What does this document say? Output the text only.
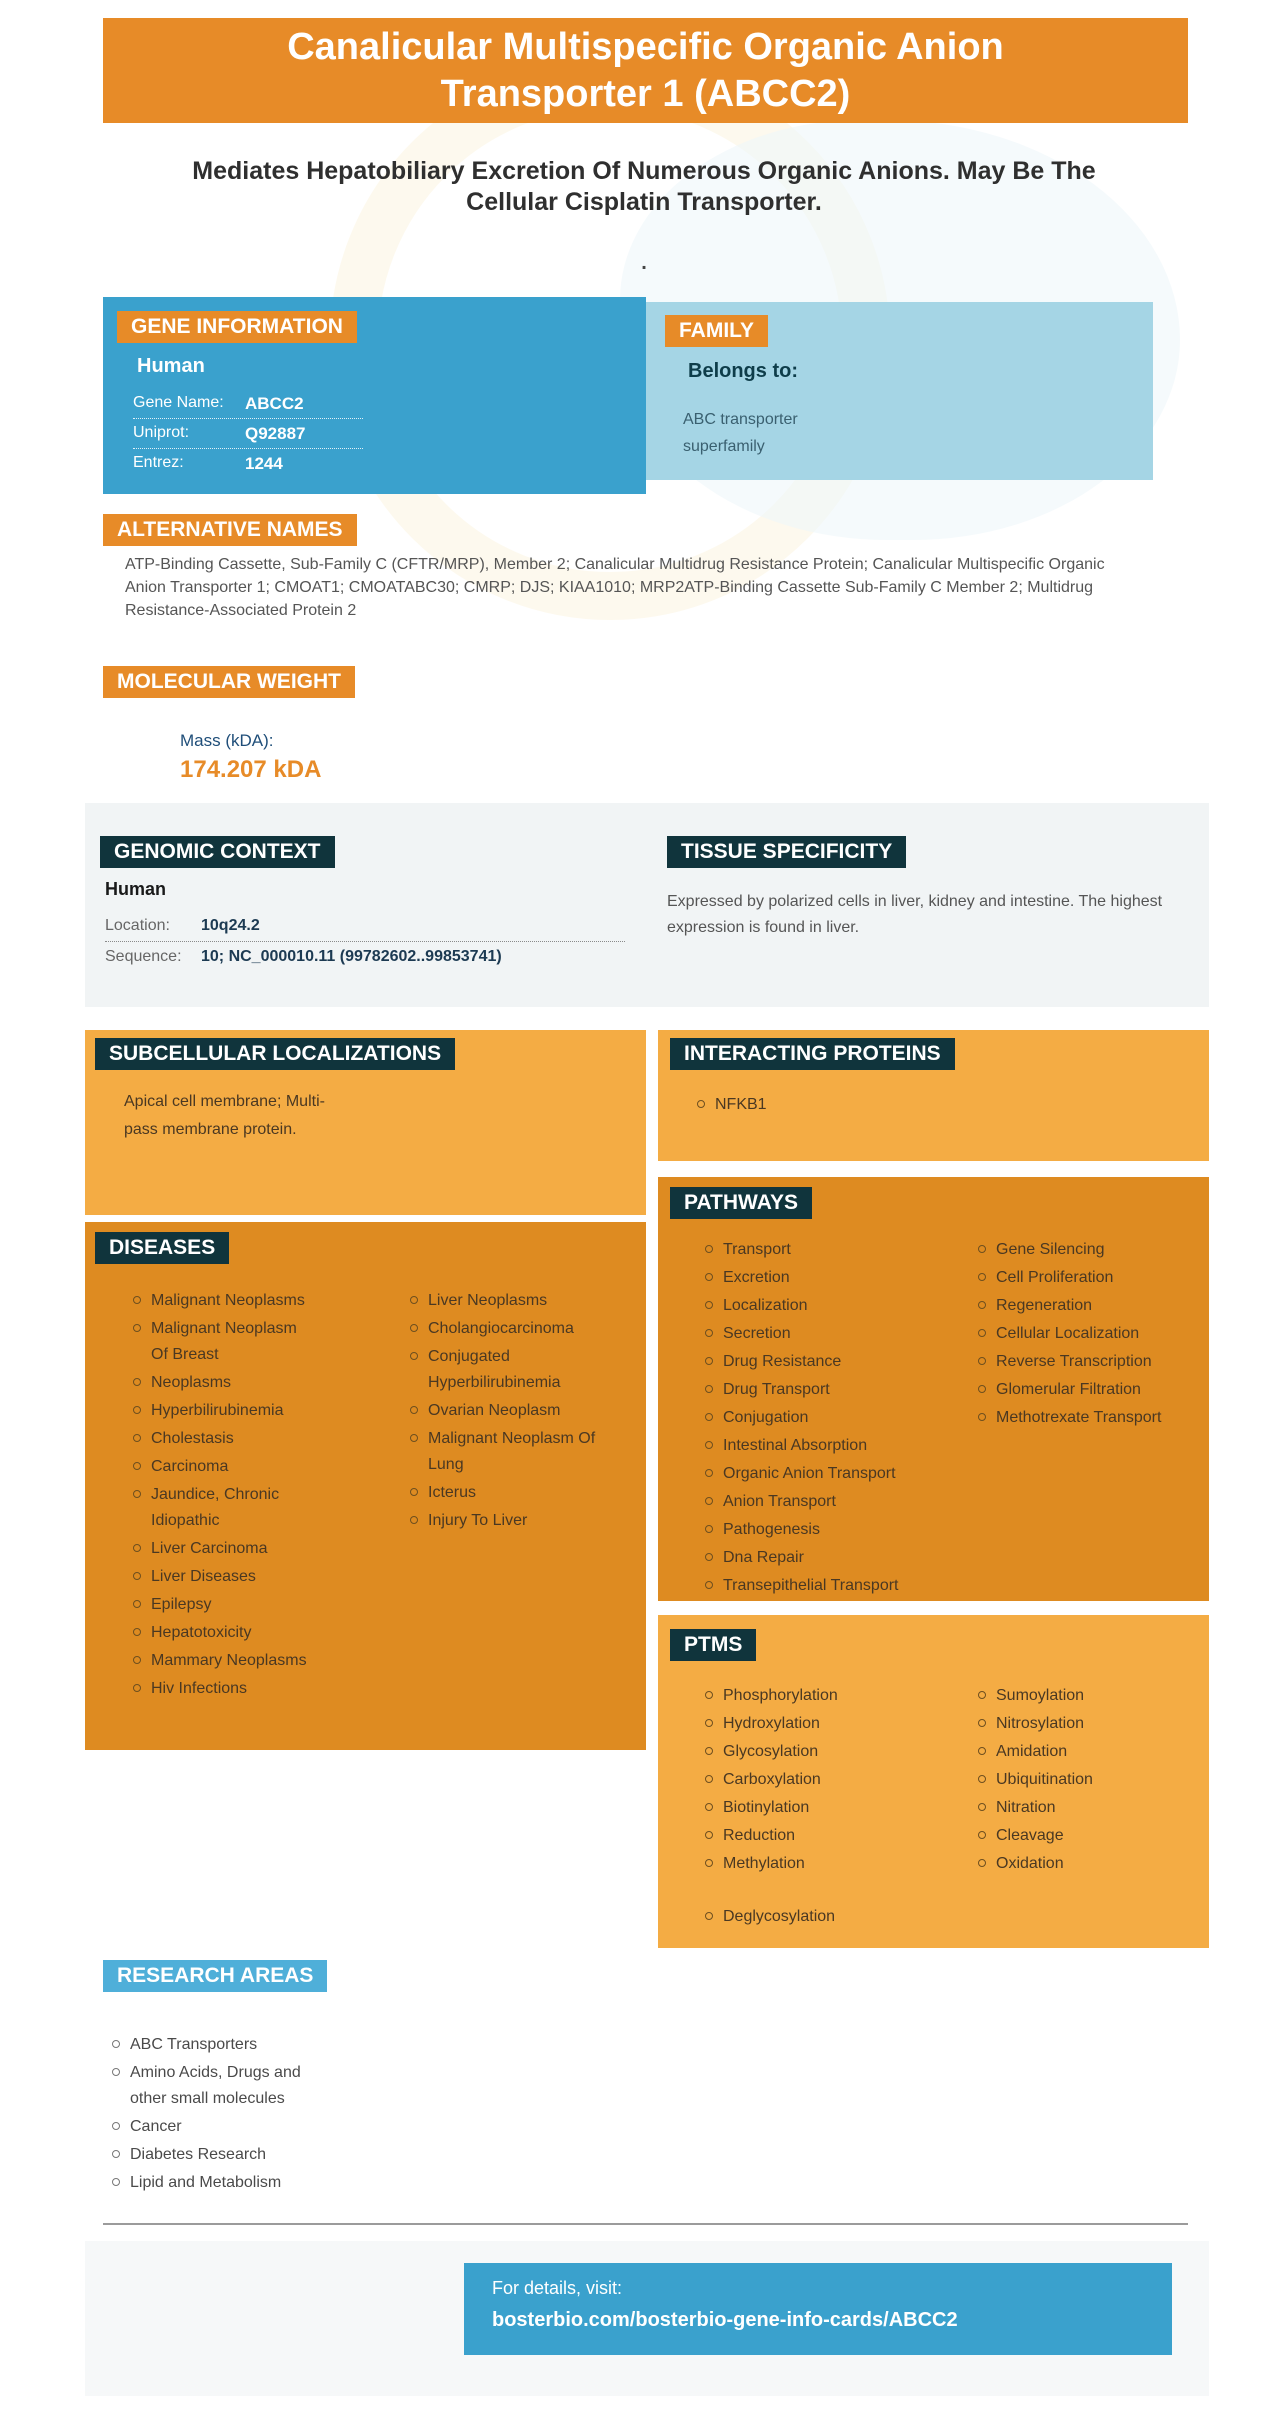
Canalicular Multispecific Organic Anion Transporter 1 (ABCC2)
Mediates Hepatobiliary Excretion Of Numerous Organic Anions. May Be The Cellular Cisplatin Transporter.
.
GENE INFORMATION
Human
Gene Name:	ABCC2
Uniprot:	Q92887
Entrez:	1244
FAMILY
Belongs to:
ABC transporter superfamily
ALTERNATIVE NAMES
ATP-Binding Cassette, Sub-Family C (CFTR/MRP), Member 2; Canalicular Multidrug Resistance Protein; Canalicular Multispecific Organic Anion Transporter 1; CMOAT1; CMOATABC30; CMRP; DJS; KIAA1010; MRP2ATP-Binding Cassette Sub-Family C Member 2; Multidrug Resistance-Associated Protein 2
MOLECULAR WEIGHT
Mass (kDA):
174.207 kDA
GENOMIC CONTEXT
Human
Location:	10q24.2
Sequence:	10; NC_000010.11 (99782602..99853741)
TISSUE SPECIFICITY
Expressed by polarized cells in liver, kidney and intestine. The highest expression is found in liver.
SUBCELLULAR LOCALIZATIONS
Apical cell membrane; Multi-pass membrane protein.
INTERACTING PROTEINS
NFKB1
PATHWAYS
Transport
Excretion
Localization
Secretion
Drug Resistance
Drug Transport
Conjugation
Intestinal Absorption
Organic Anion Transport
Anion Transport
Pathogenesis
Dna Repair
Transepithelial Transport
Gene Silencing
Cell Proliferation
Regeneration
Cellular Localization
Reverse Transcription
Glomerular Filtration
Methotrexate Transport
DISEASES
Malignant Neoplasms
Malignant Neoplasm Of Breast
Neoplasms
Hyperbilirubinemia
Cholestasis
Carcinoma
Jaundice, Chronic Idiopathic
Liver Carcinoma
Liver Diseases
Epilepsy
Hepatotoxicity
Mammary Neoplasms
Hiv Infections
Liver Neoplasms
Cholangiocarcinoma
Conjugated Hyperbilirubinemia
Ovarian Neoplasm
Malignant Neoplasm Of Lung
Icterus
Injury To Liver
PTMS
Phosphorylation
Hydroxylation
Glycosylation
Carboxylation
Biotinylation
Reduction
Methylation
Deglycosylation
Sumoylation
Nitrosylation
Amidation
Ubiquitination
Nitration
Cleavage
Oxidation
RESEARCH AREAS
ABC Transporters
Amino Acids, Drugs and other small molecules
Cancer
Diabetes Research
Lipid and Metabolism
For details, visit:
bosterbio.com/bosterbio-gene-info-cards/ABCC2
